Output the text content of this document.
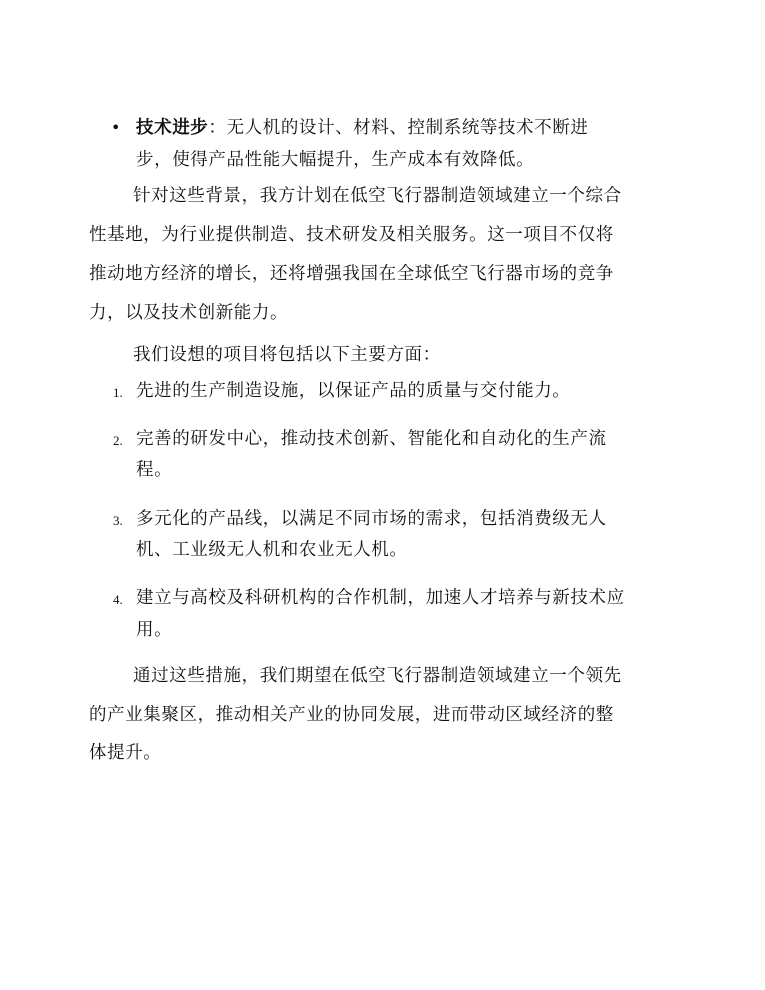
• 技术进步：无人机的设计、材料、控制系统等技术不断进
步，使得产品性能大幅提升，生产成本有效降低。
针对这些背景，我方计划在低空飞行器制造领域建立一个综合
性基地，为行业提供制造、技术研发及相关服务。这一项目不仅将
推动地方经济的增长，还将增强我国在全球低空飞行器市场的竞争
力，以及技术创新能力。
我们设想的项目将包括以下主要方面：
1. 先进的生产制造设施，以保证产品的质量与交付能力。
2. 完善的研发中心，推动技术创新、智能化和自动化的生产流
程。
3. 多元化的产品线，以满足不同市场的需求，包括消费级无人
机、工业级无人机和农业无人机。
4. 建立与高校及科研机构的合作机制，加速人才培养与新技术应
用。
通过这些措施，我们期望在低空飞行器制造领域建立一个领先
的产业集聚区，推动相关产业的协同发展，进而带动区域经济的整
体提升。
